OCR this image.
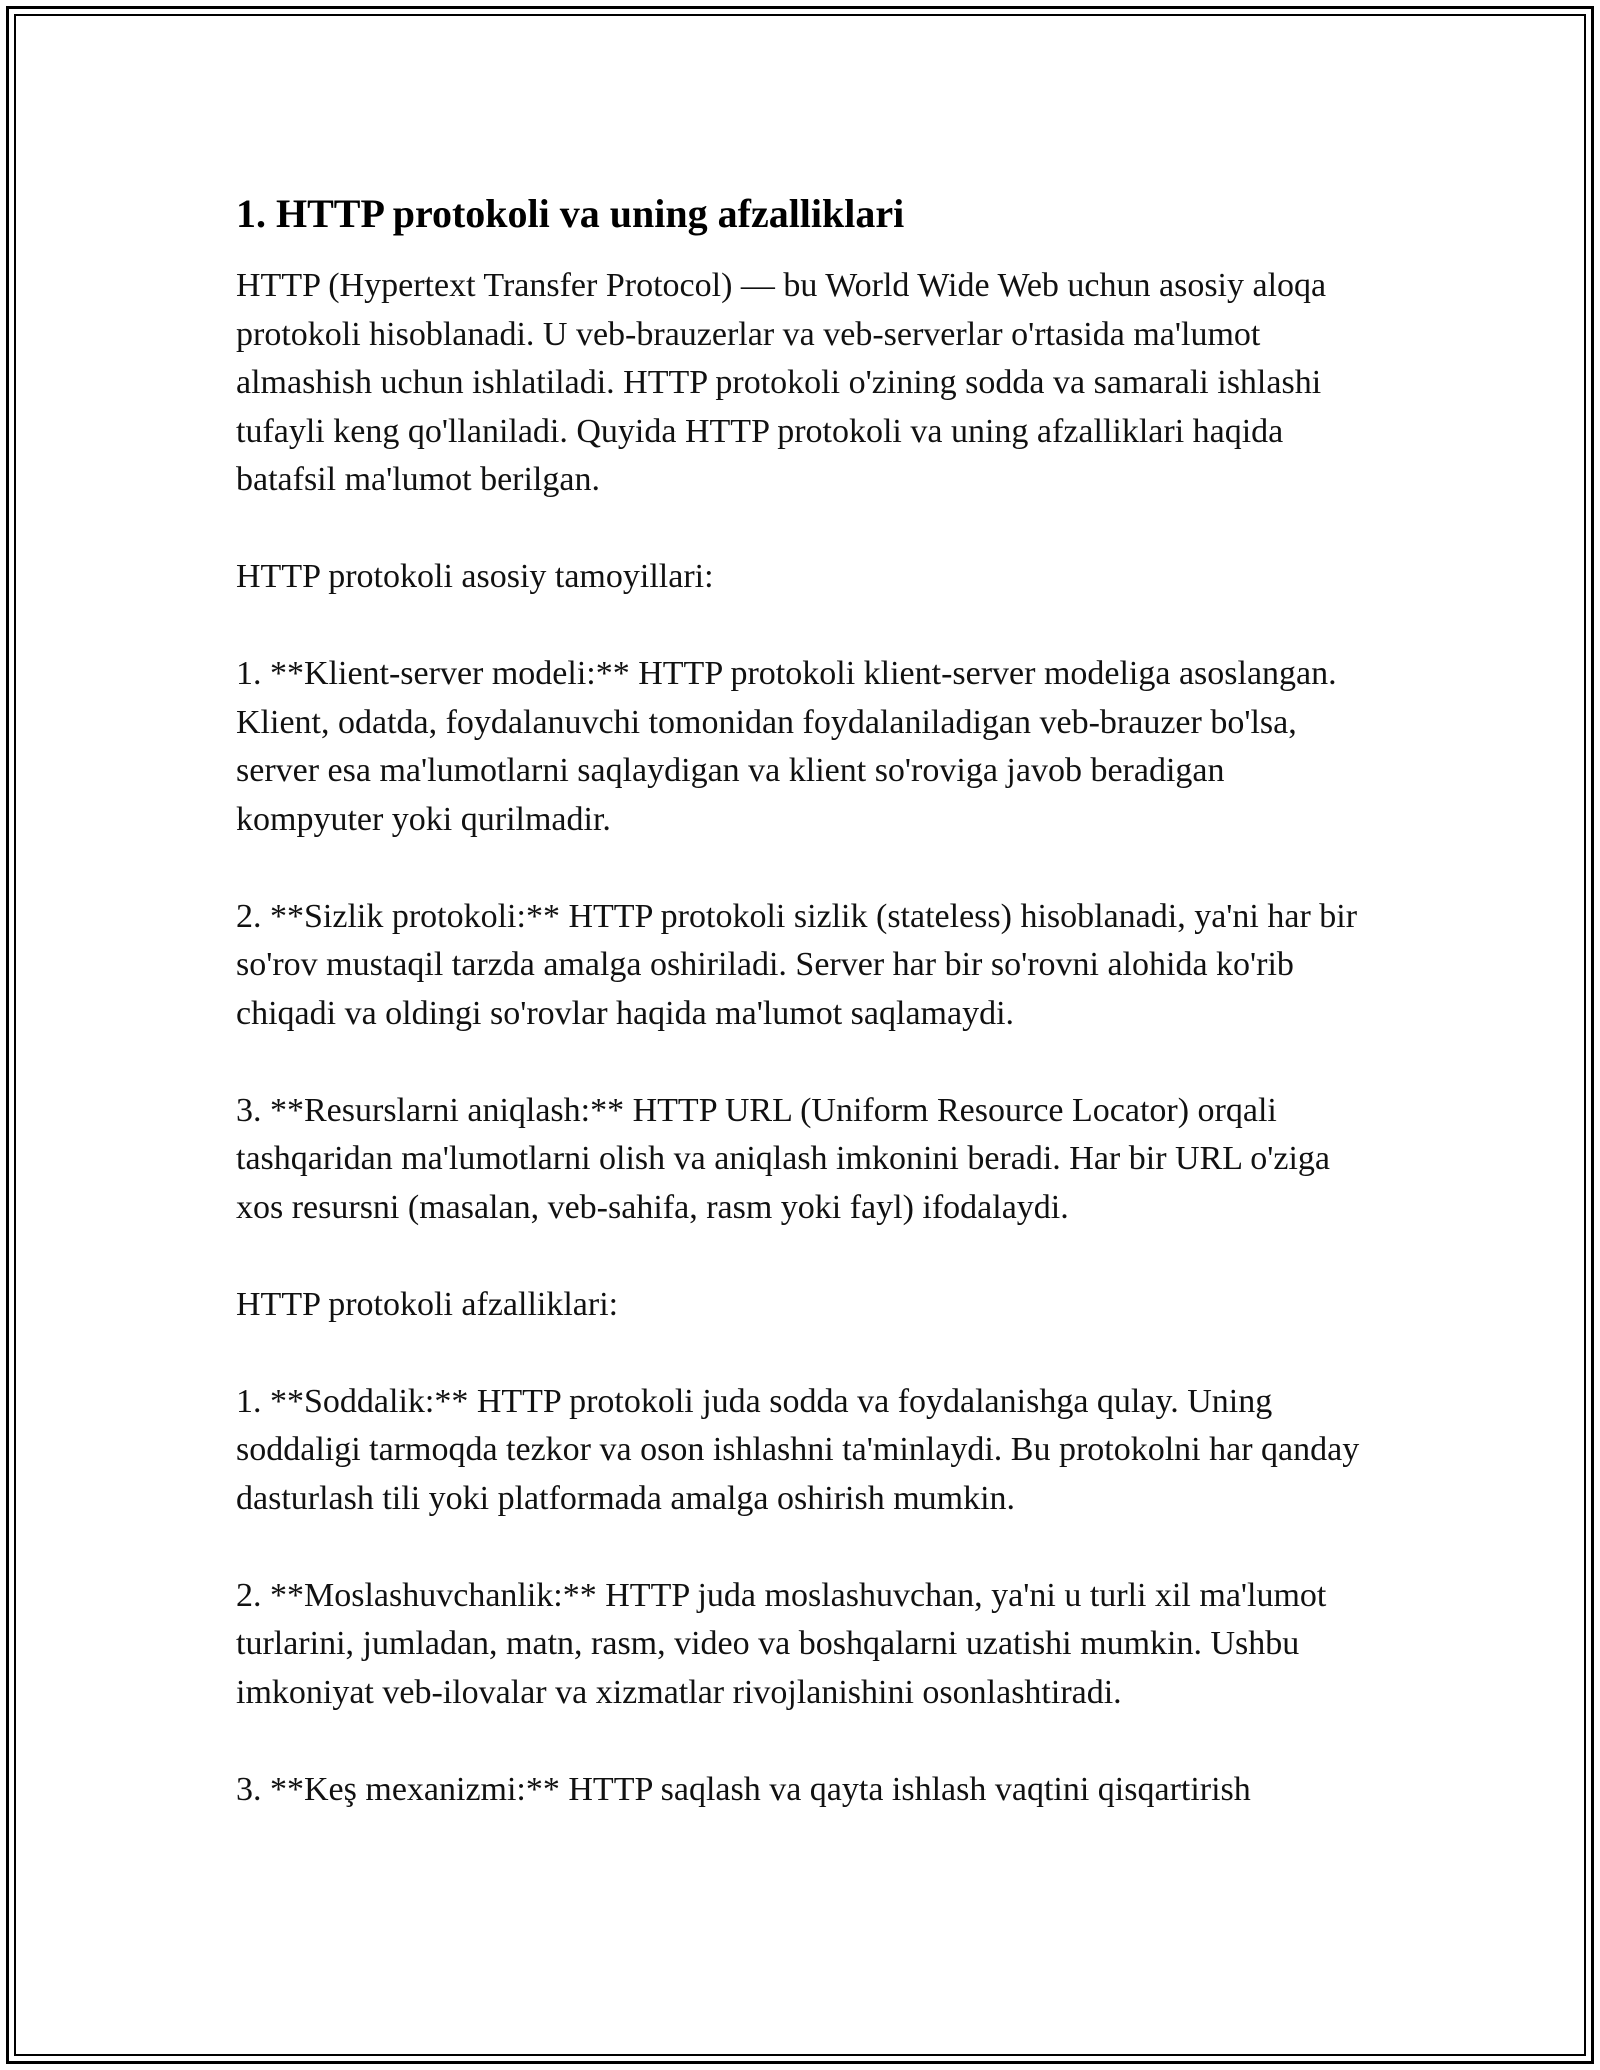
1. HTTP protokoli va uning afzalliklari

HTTP (Hypertext Transfer Protocol) — bu World Wide Web uchun asosiy aloqa protokoli hisoblanadi. U veb-brauzerlar va veb-serverlar o'rtasida ma'lumot almashish uchun ishlatiladi. HTTP protokoli o'zining sodda va samarali ishlashi tufayli keng qo'llaniladi. Quyida HTTP protokoli va uning afzalliklari haqida batafsil ma'lumot berilgan.

HTTP protokoli asosiy tamoyillari:

1. **Klient-server modeli:** HTTP protokoli klient-server modeliga asoslangan. Klient, odatda, foydalanuvchi tomonidan foydalaniladigan veb-brauzer bo'lsa, server esa ma'lumotlarni saqlaydigan va klient so'roviga javob beradigan kompyuter yoki qurilmadir.

2. **Sizlik protokoli:** HTTP protokoli sizlik (stateless) hisoblanadi, ya'ni har bir so'rov mustaqil tarzda amalga oshiriladi. Server har bir so'rovni alohida ko'rib chiqadi va oldingi so'rovlar haqida ma'lumot saqlamaydi.

3. **Resurslarni aniqlash:** HTTP URL (Uniform Resource Locator) orqali tashqaridan ma'lumotlarni olish va aniqlash imkonini beradi. Har bir URL o'ziga xos resursni (masalan, veb-sahifa, rasm yoki fayl) ifodalaydi.

HTTP protokoli afzalliklari:

1. **Soddalik:** HTTP protokoli juda sodda va foydalanishga qulay. Uning soddaligi tarmoqda tezkor va oson ishlashni ta'minlaydi. Bu protokolni har qanday dasturlash tili yoki platformada amalga oshirish mumkin.

2. **Moslashuvchanlik:** HTTP juda moslashuvchan, ya'ni u turli xil ma'lumot turlarini, jumladan, matn, rasm, video va boshqalarni uzatishi mumkin. Ushbu imkoniyat veb-ilovalar va xizmatlar rivojlanishini osonlashtiradi.

3. **Keş mexanizmi:** HTTP saqlash va qayta ishlash vaqtini qisqartirish
